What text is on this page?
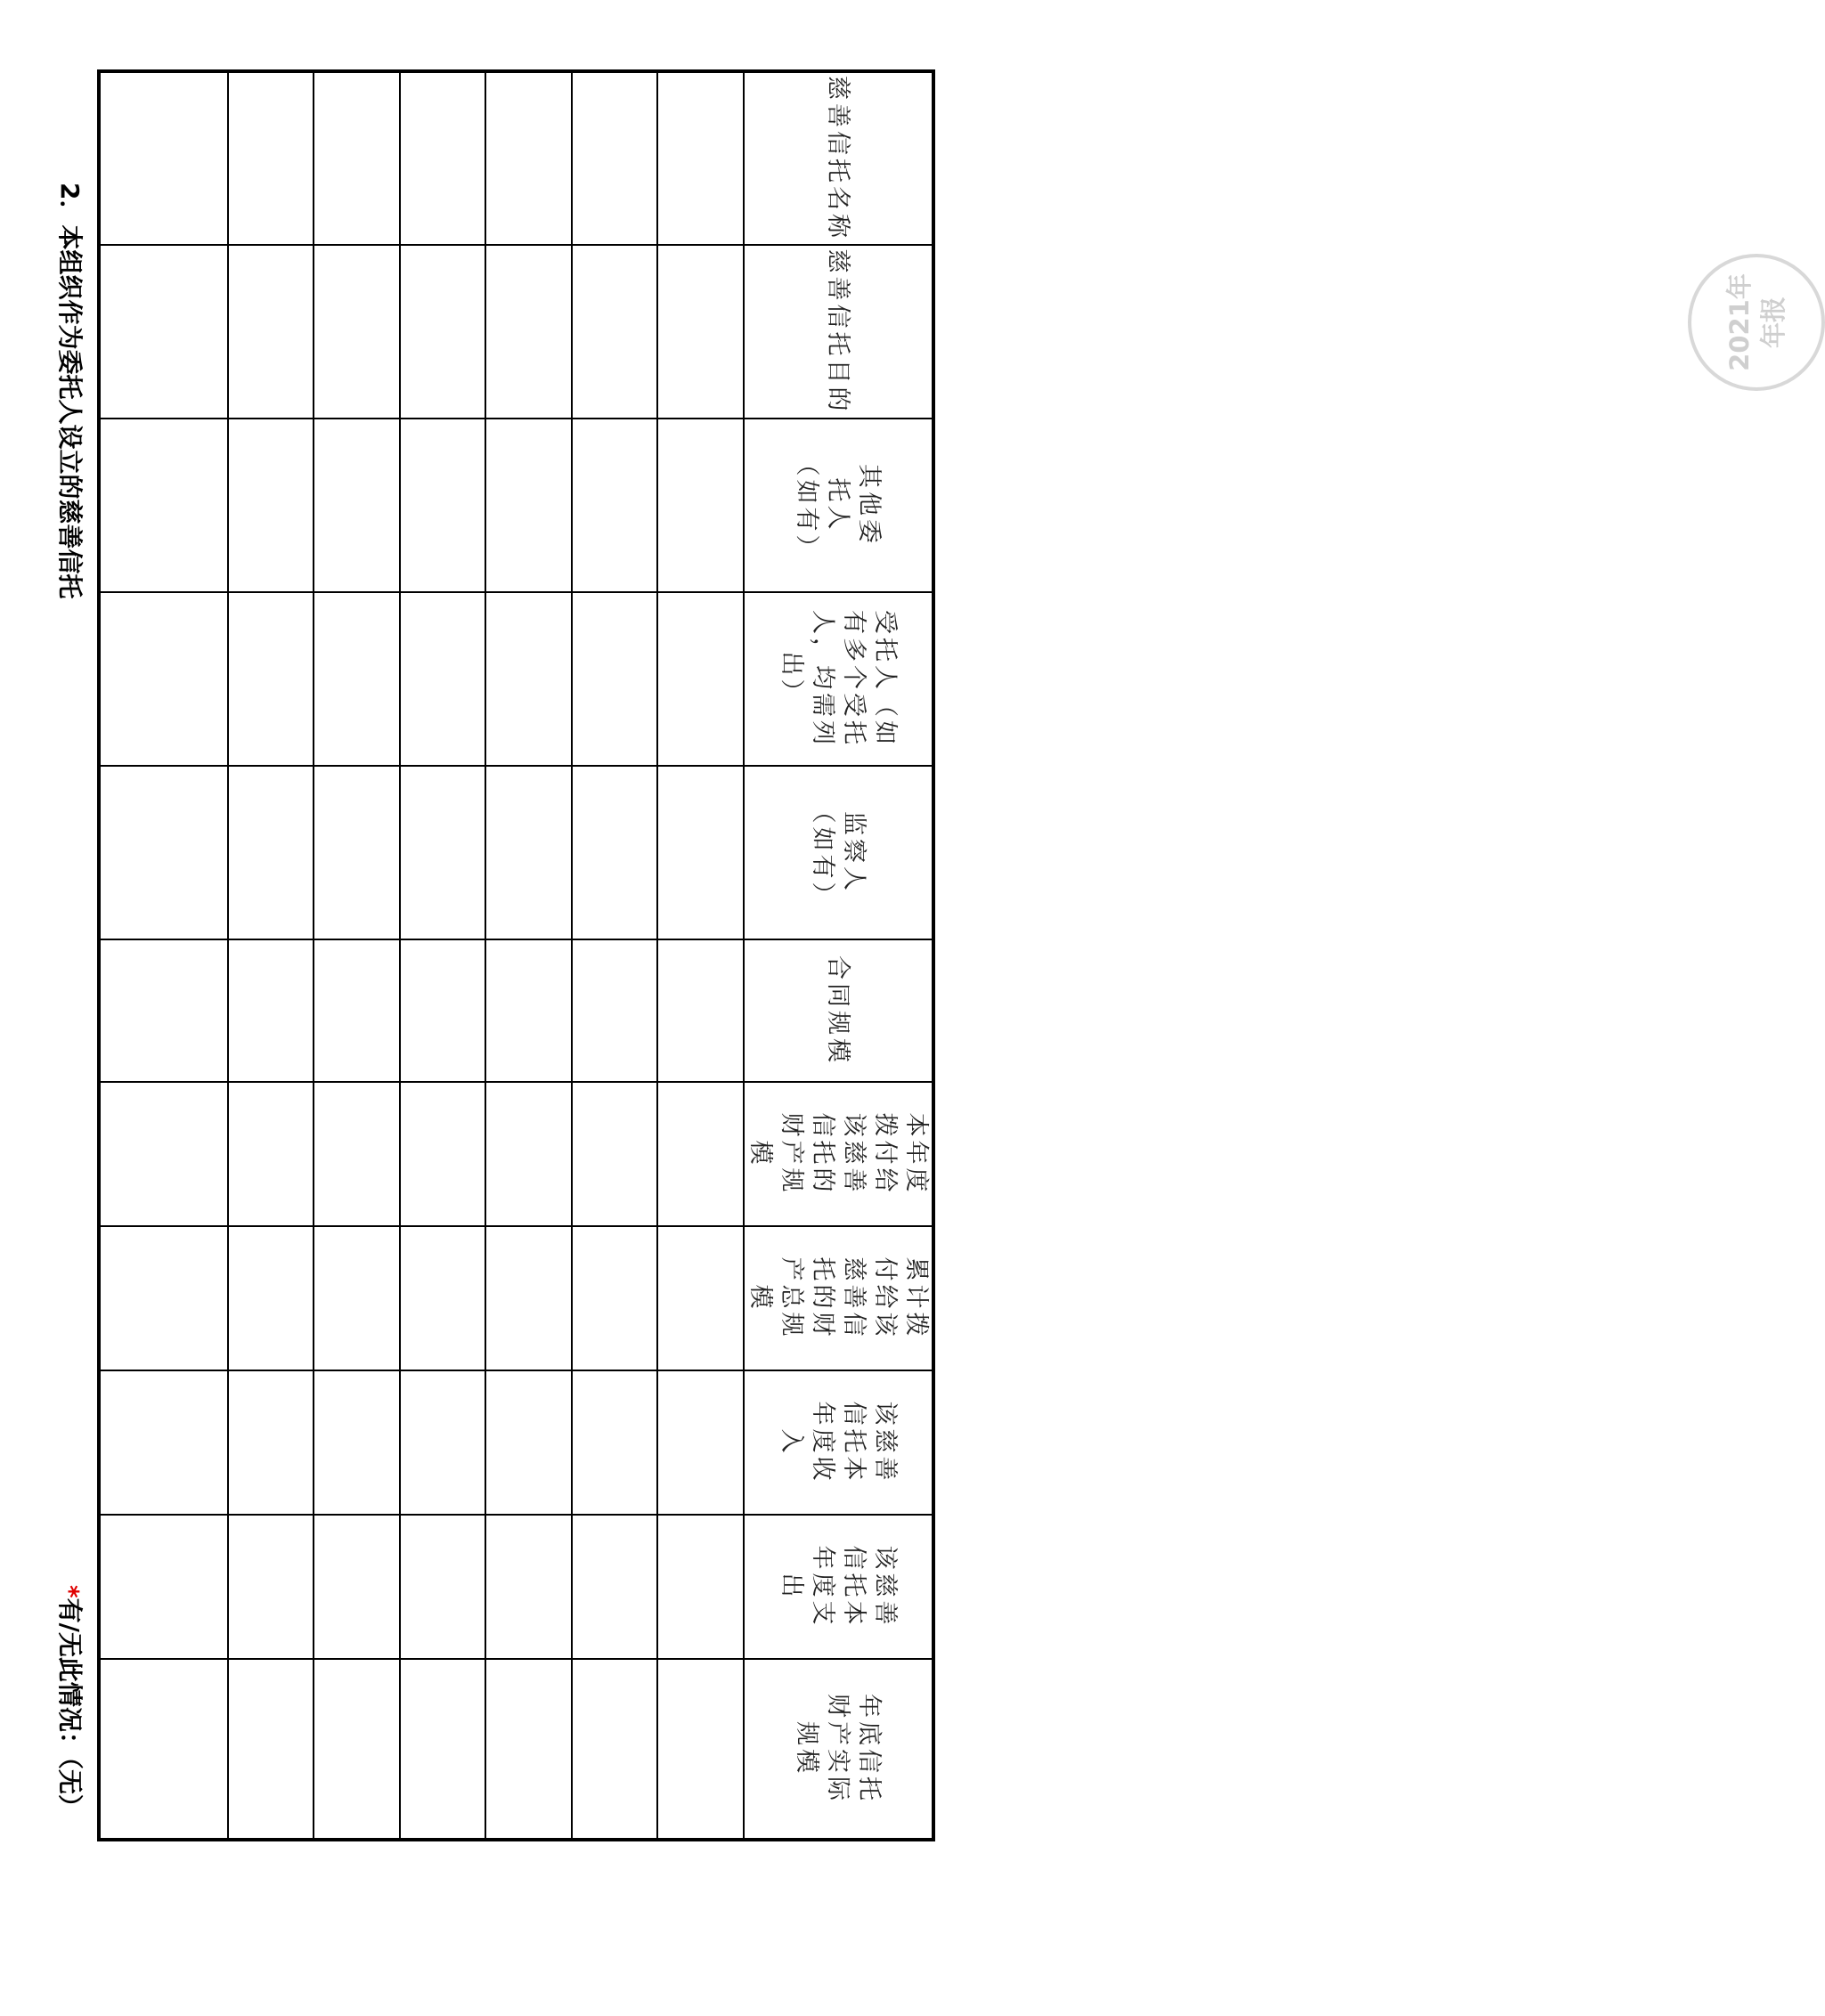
2．本组织作为委托人设立的慈善信托
*有/无此情况：（无）
慈善信托名称	慈善信托目的	其他委托人（如有）	受托人（如有多个受托人，均需列出）	监察人（如有）	合同规模	本年度拨付给该慈善信托的财产规模	累计拨付给该慈善信托的财产总规模	该慈善信托本年度收入	该慈善信托本年度支出	年底信托财产实际规模

2021年 年报
